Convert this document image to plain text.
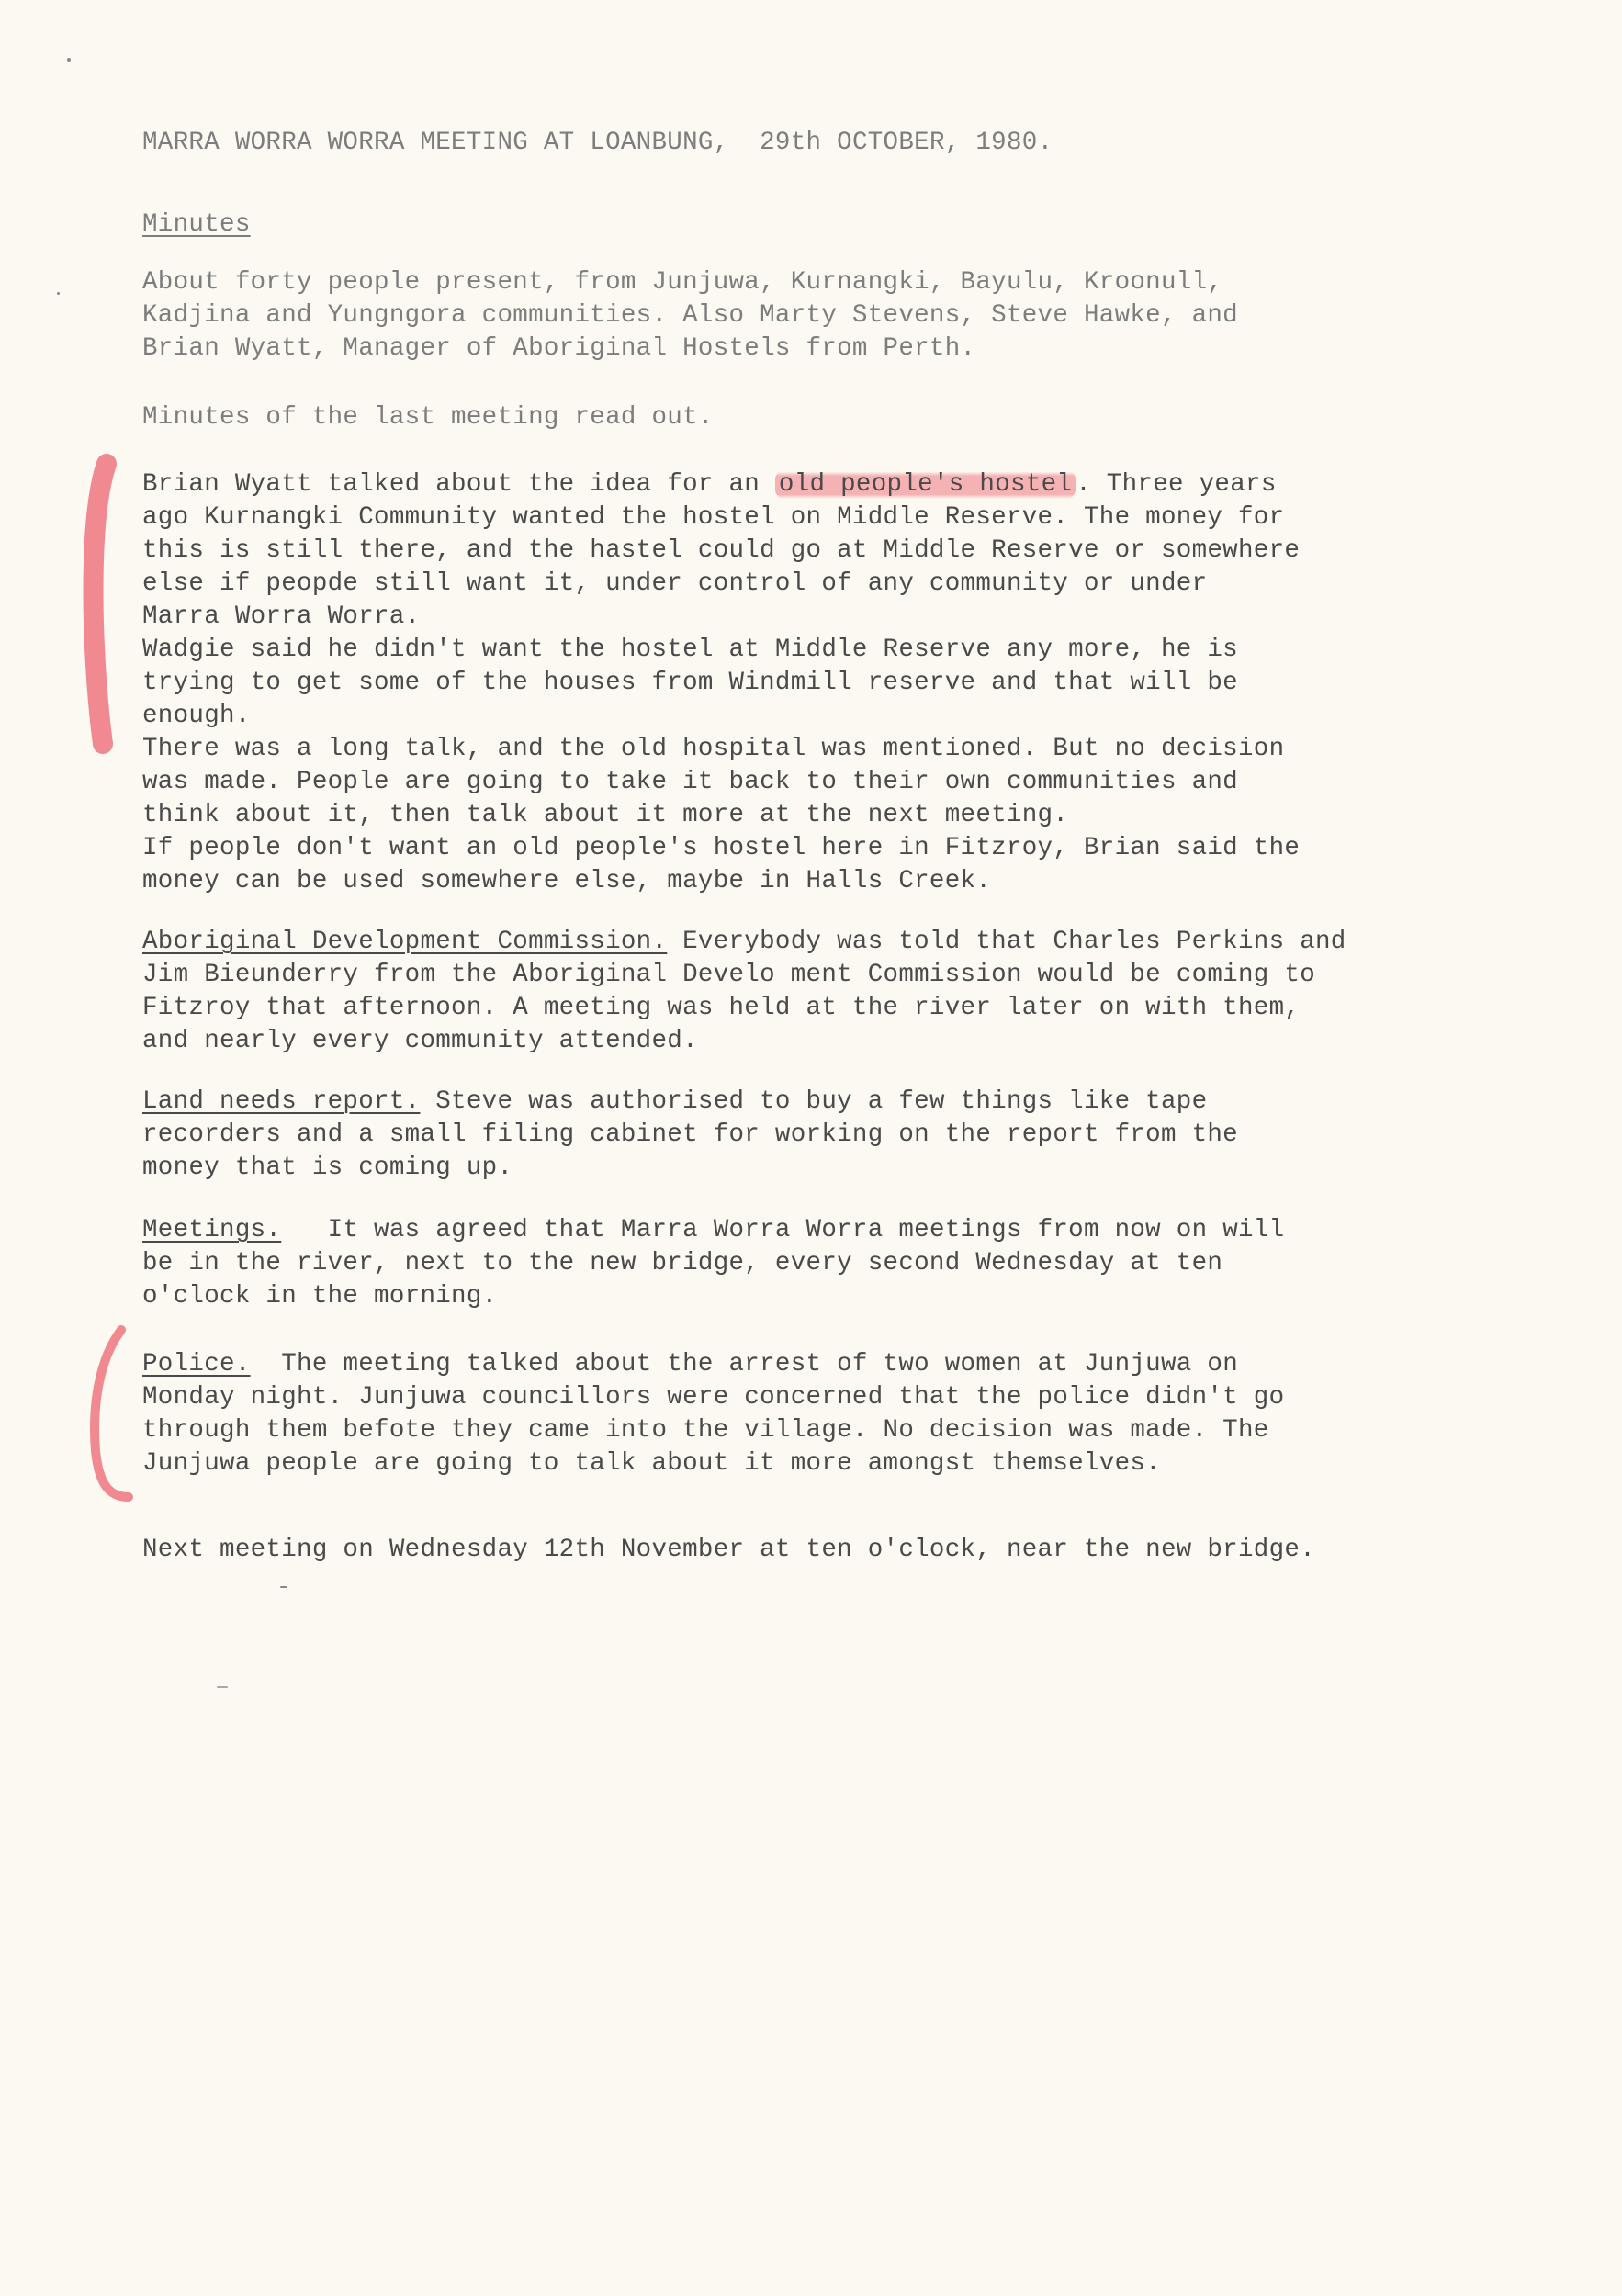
MARRA WORRA WORRA MEETING AT LOANBUNG, 29th OCTOBER, 1980.
Minutes
About forty people present, from Junjuwa, Kurnangki, Bayulu, Kroonull,
Kadjina and Yungngora communities. Also Marty Stevens, Steve Hawke, and
Brian Wyatt, Manager of Aboriginal Hostels from Perth.
Minutes of the last meeting read out.
Brian Wyatt talked about the idea for an old people's hostel . Three years
ago Kurnangki Community wanted the hostel on Middle Reserve. The money for
this is still there, and the hastel could go at Middle Reserve or somewhere
else if peopde still want it, under control of any community or under
Marra Worra Worra.
Wadgie said he didn't want the hostel at Middle Reserve any more, he is
trying to get some of the houses from Windmill reserve and that will be
enough.
There was a long talk, and the old hospital was mentioned. But no decision
was made. People are going to take it back to their own communities and
think about it, then talk about it more at the next meeting.
If people don't want an old people's hostel here in Fitzroy, Brian said the
money can be used somewhere else, maybe in Halls Creek.
Aboriginal Development Commission. Everybody was told that Charles Perkins and
Jim Bieunderry from the Aboriginal Develo ment Commission would be coming to
Fitzroy that afternoon. A meeting was held at the river later on with them,
and nearly every community attended.
Land needs report. Steve was authorised to buy a few things like tape
recorders and a small filing cabinet for working on the report from the
money that is coming up.
Meetings.   It was agreed that Marra Worra Worra meetings from now on will
be in the river, next to the new bridge, every second Wednesday at ten
o'clock in the morning.
Police.  The meeting talked about the arrest of two women at Junjuwa on
Monday night. Junjuwa councillors were concerned that the police didn't go
through them befote they came into the village. No decision was made. The
Junjuwa people are going to talk about it more amongst themselves.
Next meeting on Wednesday 12th November at ten o'clock, near the new bridge.
